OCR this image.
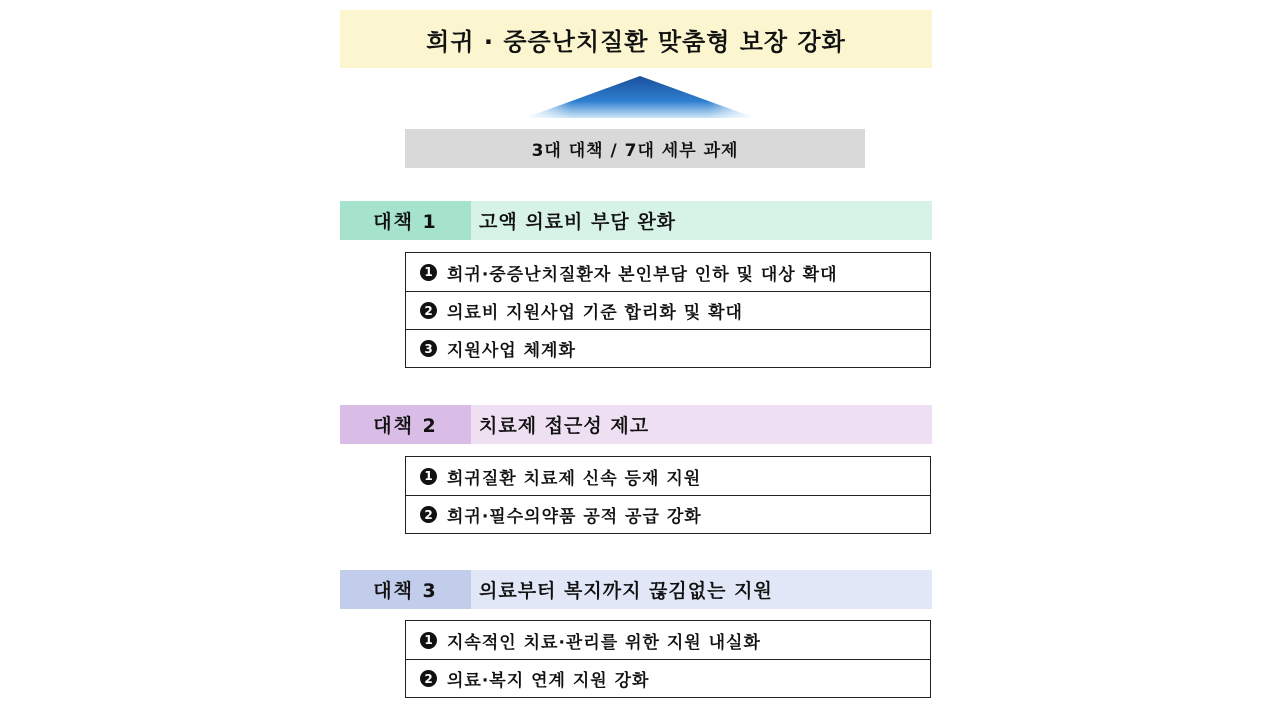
희귀 · 중증난치질환 맞춤형 보장 강화
3대 대책 / 7대 세부 과제
대책 1	고액 의료비 부담 완화
1 희귀·중증난치질환자 본인부담 인하 및 대상 확대
2 의료비 지원사업 기준 합리화 및 확대
3 지원사업 체계화
대책 2	치료제 접근성 제고
1 희귀질환 치료제 신속 등재 지원
2 희귀·필수의약품 공적 공급 강화
대책 3	의료부터 복지까지 끊김없는 지원
1 지속적인 치료·관리를 위한 지원 내실화
2 의료·복지 연계 지원 강화
